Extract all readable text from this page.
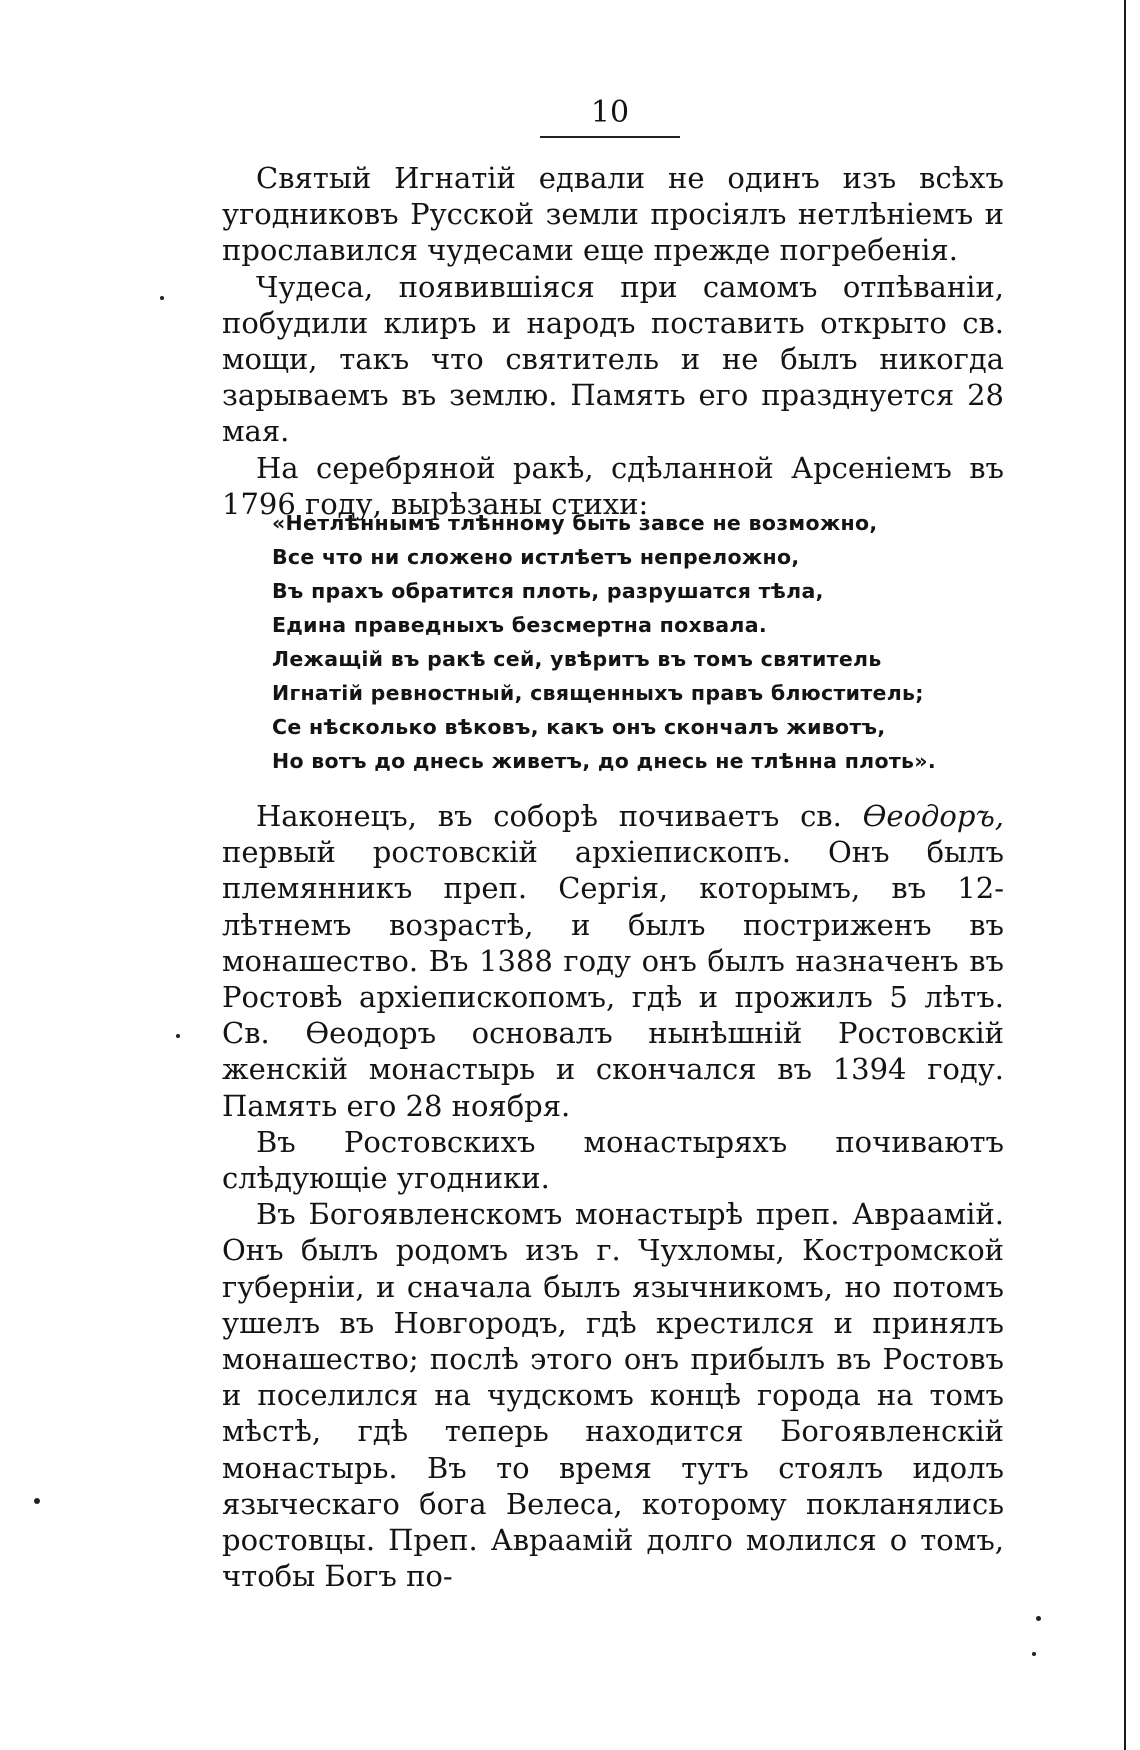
10

Святый Игнатій едвали не одинъ изъ всѣхъ угодниковъ Русской земли просіялъ нетлѣніемъ и прославился чудесами еще прежде погребенія.

Чудеса, появившіяся при самомъ отпѣваніи, побудили клиръ и народъ поставить открыто св. мощи, такъ что святитель и не былъ никогда зарываемъ въ землю. Память его празднуется 28 мая.

На серебряной ракѣ, сдѣланной Арсеніемъ въ 1796 году, вырѣзаны стихи:

«Нетлѣннымъ тлѣнному быть завсе не возможно,
Все что ни сложено истлѣетъ непреложно,
Въ прахъ обратится плоть, разрушатся тѣла,
Едина праведныхъ безсмертна похвала.
Лежащій въ ракѣ сей, увѣритъ въ томъ святитель
Игнатій ревностный, священныхъ правъ блюститель;
Се нѣсколько вѣковъ, какъ онъ скончалъ животъ,
Но вотъ до днесь живетъ, до днесь не тлѣнна плоть».

Наконецъ, въ соборѣ почиваетъ св. Ѳеодоръ, первый ростовскій архіепископъ. Онъ былъ племянникъ преп. Сергія, которымъ, въ 12-лѣтнемъ возрастѣ, и былъ постриженъ въ монашество. Въ 1388 году онъ былъ назначенъ въ Ростовѣ архіепископомъ, гдѣ и прожилъ 5 лѣтъ. Св. Ѳеодоръ основалъ нынѣшній Ростовскій женскій монастырь и скончался въ 1394 году. Память его 28 ноября.

Въ Ростовскихъ монастыряхъ почиваютъ слѣдующіе угодники.

Въ Богоявленскомъ монастырѣ преп. Авраамій. Онъ былъ родомъ изъ г. Чухломы, Костромской губерніи, и сначала былъ язычникомъ, но потомъ ушелъ въ Новгородъ, гдѣ крестился и принялъ монашество; послѣ этого онъ прибылъ въ Ростовъ и поселился на чудскомъ концѣ города на томъ мѣстѣ, гдѣ теперь находится Богоявленскій монастырь. Въ то время тутъ стоялъ идолъ языческаго бога Велеса, которому покланялись ростовцы. Преп. Авраамій долго молился о томъ, чтобы Богъ по-
